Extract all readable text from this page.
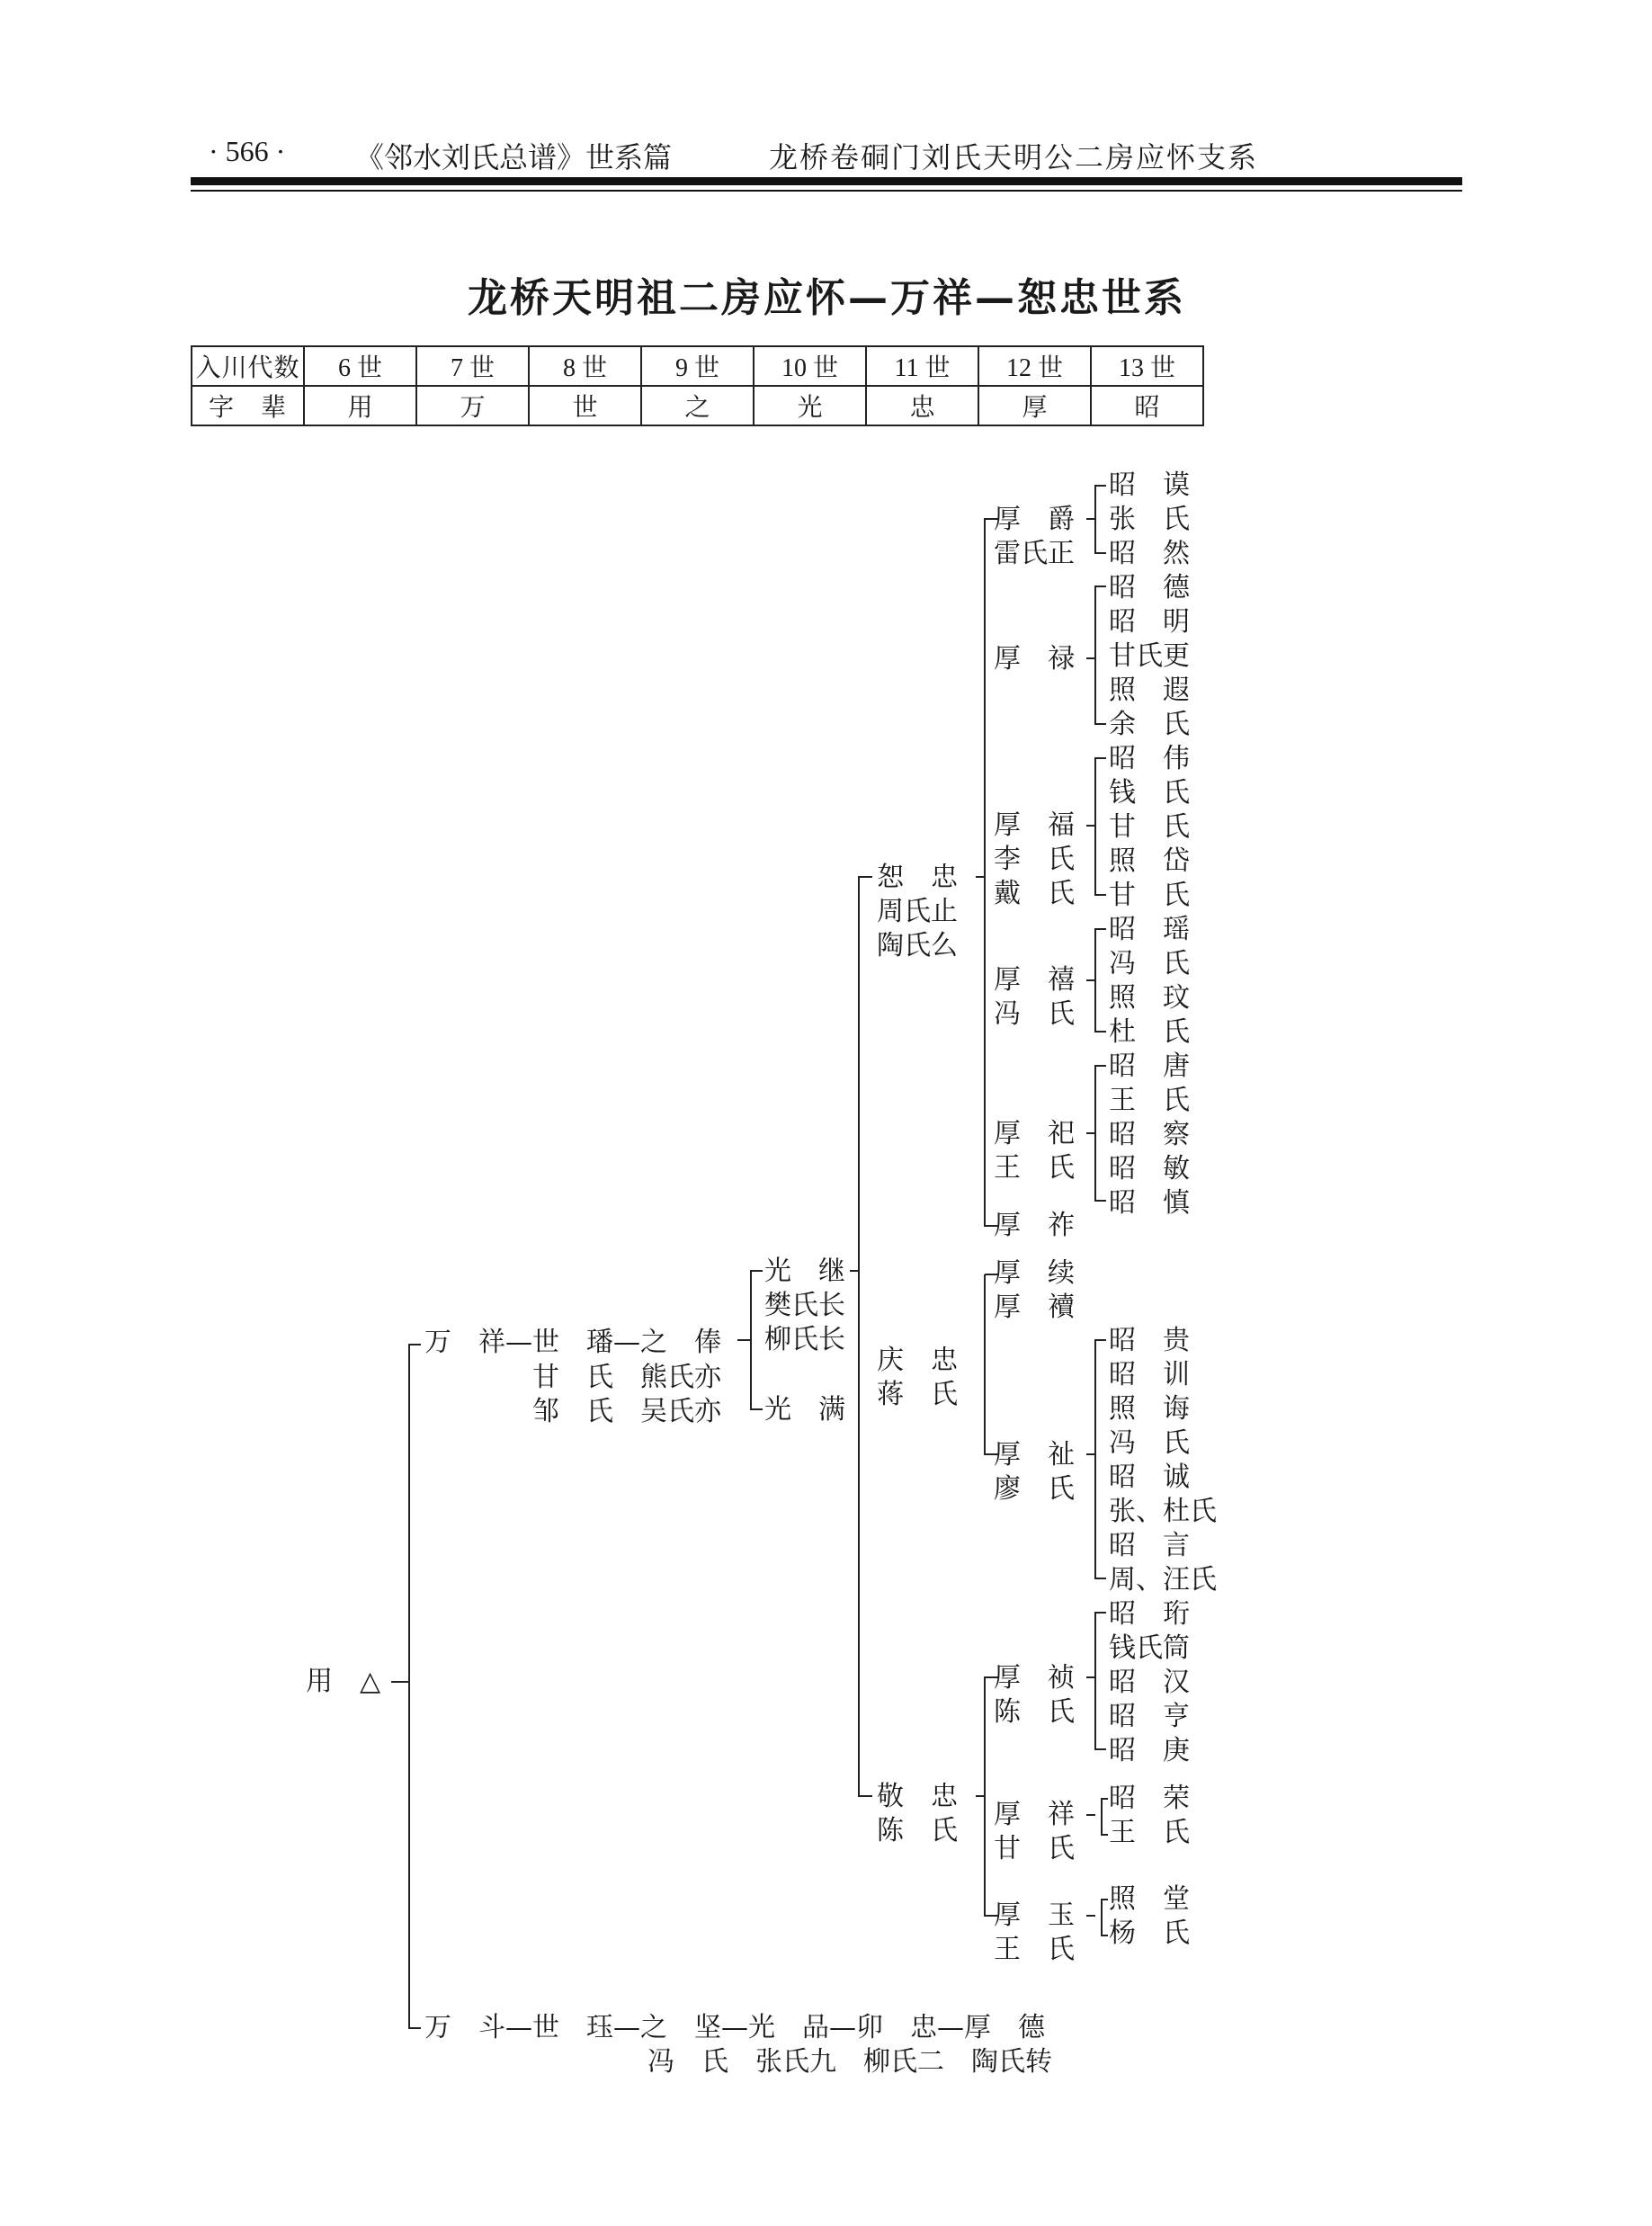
· 566 · 《邻水刘氏总谱》世系篇	龙桥卷硐门刘氏天明公二房应怀支系
龙桥天明祖二房应怀—万祥—恕忠世系
入川代数	6 世	7 世	8 世	9 世	10 世	11 世	12 世	13 世
字　辈	用	万	世	之	光	忠	厚	昭
用　△
万　祥—世　璠—之　俸
甘　氏　熊氏亦
邹　氏　吴氏亦
光　继
樊氏长
柳氏长
光　满
恕　忠
周氏止
陶氏么
庆　忠
蒋　氏
敬　忠
陈　氏
厚　爵
雷氏正
厚　禄
厚　福
李　氏
戴　氏
厚　禧
冯　氏
厚　祀
王　氏
厚　祚
厚　续
厚　襩
厚　祉
廖　氏
厚　祯
陈　氏
厚　祥
甘　氏
厚　玉
王　氏
昭　谟
张　氏
昭　然
昭　德
昭　明
甘氏更
照　遐
余　氏
昭　伟
钱　氏
甘　氏
照　岱
甘　氏
昭　瑶
冯　氏
照　玟
杜　氏
昭　唐
王　氏
昭　察
昭　敏
昭　慎
昭　贵
昭　训
照　诲
冯　氏
昭　诚
张、杜氏
昭　言
周、汪氏
昭　珩
钱氏筒
昭　汉
昭　亨
昭　庚
昭　荣
王　氏
照　堂
杨　氏
万　斗—世　珏—之　坚—光　品—卯　忠—厚　德
冯　氏　张氏九　柳氏二　陶氏转
